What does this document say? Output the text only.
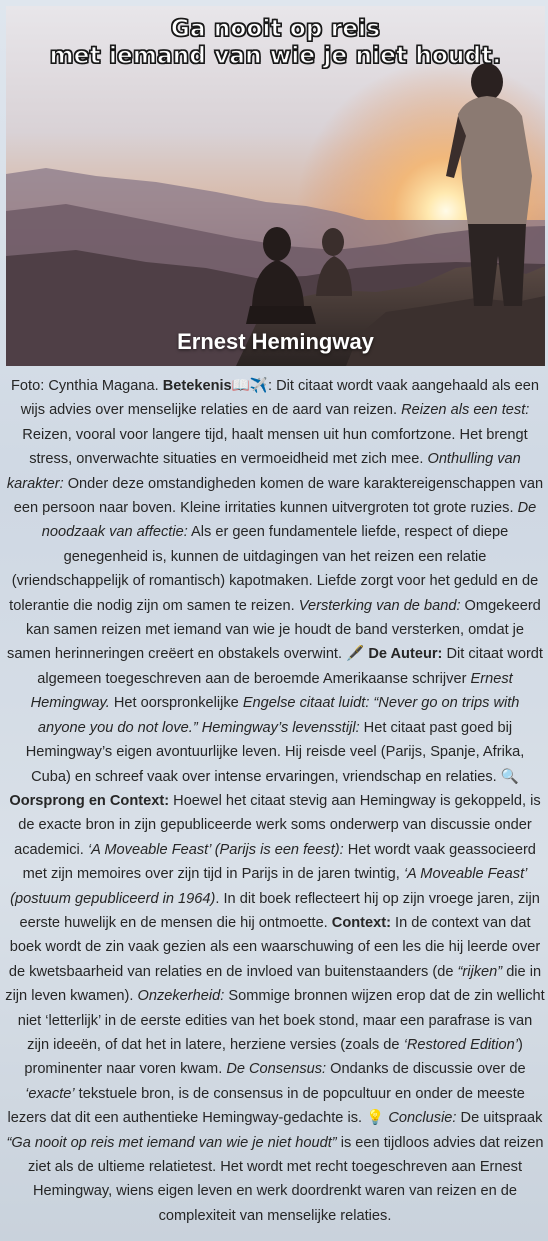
Ga nooit op reis
met iemand van wie je niet houdt.
Ernest Hemingway

Foto: Cynthia Magana. Betekenis📖✈️: Dit citaat wordt vaak aangehaald als een wijs advies over menselijke relaties en de aard van reizen. Reizen als een test: Reizen, vooral voor langere tijd, haalt mensen uit hun comfortzone. Het brengt stress, onverwachte situaties en vermoeidheid met zich mee. Onthulling van karakter: Onder deze omstandigheden komen de ware karaktereigenschappen van een persoon naar boven. Kleine irritaties kunnen uitvergroten tot grote ruzies. De noodzaak van affectie: Als er geen fundamentele liefde, respect of diepe genegenheid is, kunnen de uitdagingen van het reizen een relatie (vriendschappelijk of romantisch) kapotmaken. Liefde zorgt voor het geduld en de tolerantie die nodig zijn om samen te reizen. Versterking van de band: Omgekeerd kan samen reizen met iemand van wie je houdt de band versterken, omdat je samen herinneringen creëert en obstakels overwint. 🖋️ De Auteur: Dit citaat wordt algemeen toegeschreven aan de beroemde Amerikaanse schrijver Ernest Hemingway. Het oorspronkelijke Engelse citaat luidt: “Never go on trips with anyone you do not love.” Hemingway’s levensstijl: Het citaat past goed bij Hemingway’s eigen avontuurlijke leven. Hij reisde veel (Parijs, Spanje, Afrika, Cuba) en schreef vaak over intense ervaringen, vriendschap en relaties. 🔍 Oorsprong en Context: Hoewel het citaat stevig aan Hemingway is gekoppeld, is de exacte bron in zijn gepubliceerde werk soms onderwerp van discussie onder academici. ‘A Moveable Feast’ (Parijs is een feest): Het wordt vaak geassocieerd met zijn memoires over zijn tijd in Parijs in de jaren twintig, ‘A Moveable Feast’ (postuum gepubliceerd in 1964). In dit boek reflecteert hij op zijn vroege jaren, zijn eerste huwelijk en de mensen die hij ontmoette. Context: In de context van dat boek wordt de zin vaak gezien als een waarschuwing of een les die hij leerde over de kwetsbaarheid van relaties en de invloed van buitenstaanders (de “rijken” die in zijn leven kwamen). Onzekerheid: Sommige bronnen wijzen erop dat de zin wellicht niet ‘letterlijk’ in de eerste edities van het boek stond, maar een parafrase is van zijn ideeën, of dat het in latere, herziene versies (zoals de ‘Restored Edition’) prominenter naar voren kwam. De Consensus: Ondanks de discussie over de ‘exacte’ tekstuele bron, is de consensus in de popcultuur en onder de meeste lezers dat dit een authentieke Hemingway-gedachte is. 💡 Conclusie: De uitspraak “Ga nooit op reis met iemand van wie je niet houdt” is een tijdloos advies dat reizen ziet als de ultieme relatietest. Het wordt met recht toegeschreven aan Ernest Hemingway, wiens eigen leven en werk doordrenkt waren van reizen en de complexiteit van menselijke relaties.
